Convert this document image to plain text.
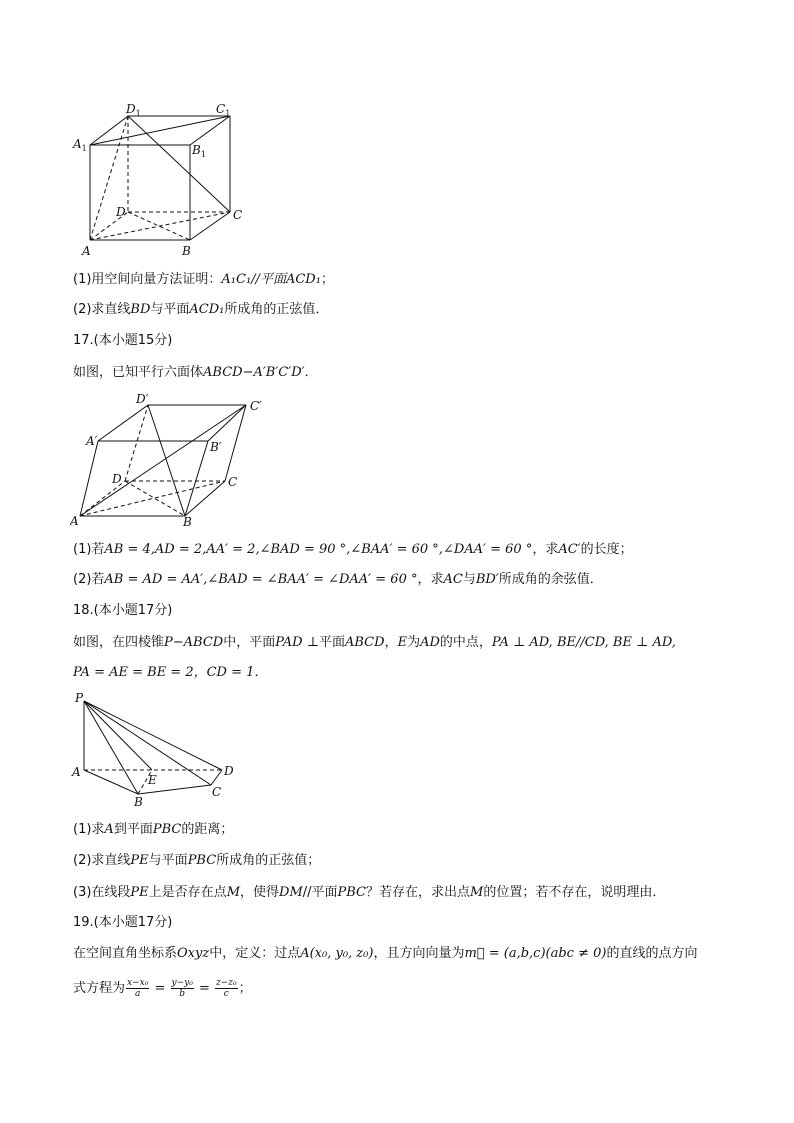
$D_1$	$C_1$
$A_1$	$B_1$
D	C
A	B
(1)用空间向量方法证明：A₁C₁//平面ACD₁；
(2)求直线BD与平面ACD₁所成角的正弦值．
17.(本小题15分)
如图，已知平行六面体ABCD−A′B′C′D′．
D′	C′
A′	B′
D	C
A	B
(1)若AB = 4,AD = 2,AA′ = 2,∠BAD = 90 °,∠BAA′ = 60 °,∠DAA′ = 60 °，求AC′的长度；
(2)若AB = AD = AA′,∠BAD = ∠BAA′ = ∠DAA′ = 60 °，求AC与BD′所成角的余弦值．
18.(本小题17分)
如图，在四棱锥P−ABCD中，平面PAD ⊥平面ABCD，E为AD的中点，PA ⊥ AD, BE//CD, BE ⊥ AD,
PA = AE = BE = 2，CD = 1．
P
A
E
D
C
B
(1)求A到平面PBC的距离；
(2)求直线PE与平面PBC所成角的正弦值；
(3)在线段PE上是否存在点M，使得DM//平面PBC？若存在，求出点M的位置；若不存在，说明理由．
19.(本小题17分)
在空间直角坐标系Oxyz中，定义：过点A(x₀, y₀, z₀)，且方向向量为m⃗ = (a,b,c)(abc ≠ 0)的直线的点方向
式方程为 $\frac{\text{x−x₀}}{a} = \frac{\text{y−y₀}}{b} = \frac{\text{z−z₀}}{c}$ ；
